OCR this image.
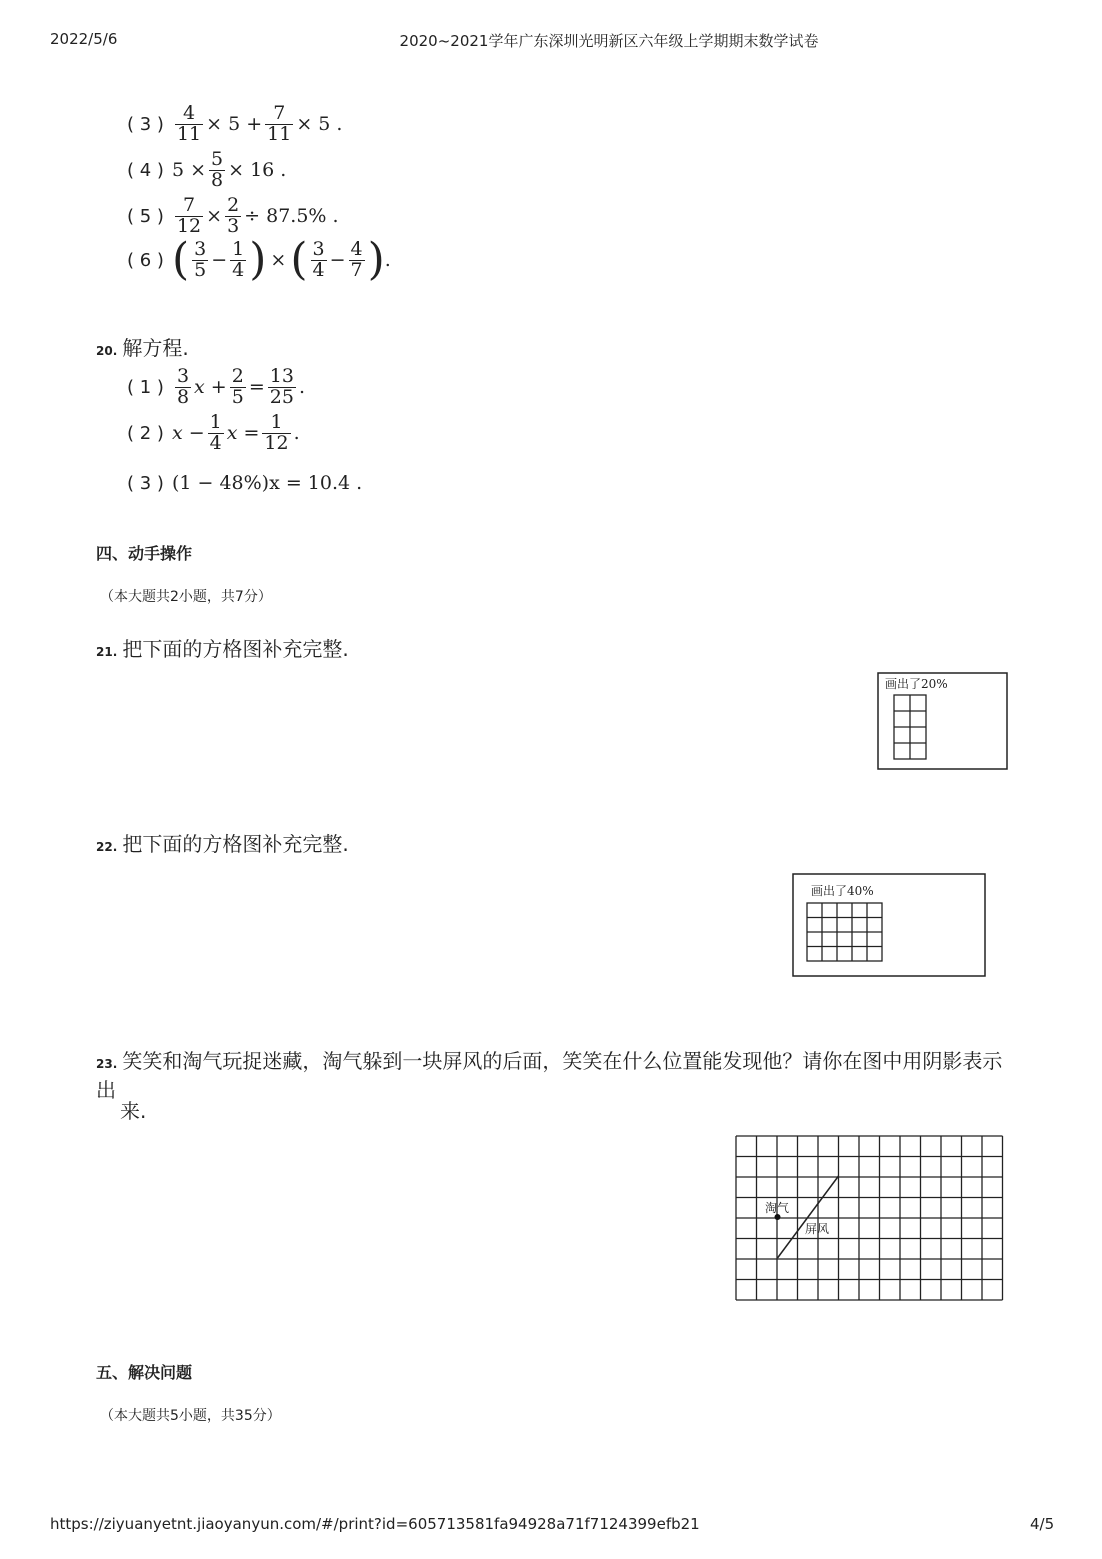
2022/5/6	2020~2021学年广东深圳光明新区六年级上学期期末数学试卷
( 3 ) $\frac{4}{11} \times 5 + \frac{7}{11} \times 5$ .
( 4 ) $5 \times \frac{5}{8} \times 16$ .
( 5 ) $\frac{7}{12} \times \frac{2}{3} \div 87.5\%$ .
( 6 ) ( $\frac{3}{5} - \frac{1}{4}$ ) × ( $\frac{3}{4} - \frac{4}{7}$ ) .
20. 解方程.
( 1 ) $\frac{3}{8}$ $x + \frac{2}{5} = \frac{13}{25}$ .
( 2 ) $x - \frac{1}{4}$ $x = \frac{1}{12}$ .
( 3 ) (1 − 48%)x = 10.4 .
四、动手操作
（本大题共2小题，共7分）
21. 把下面的方格图补充完整.
画出了20%
22. 把下面的方格图补充完整.
画出了40%
23. 笑笑和淘气玩捉迷藏，淘气躲到一块屏风的后面，笑笑在什么位置能发现他？请你在图中用阴影表示出
来.
淘气
屏风
五、解决问题
（本大题共5小题，共35分）
https://ziyuanyetnt.jiaoyanyun.com/#/print?id=605713581fa94928a71f7124399efb21	4/5
